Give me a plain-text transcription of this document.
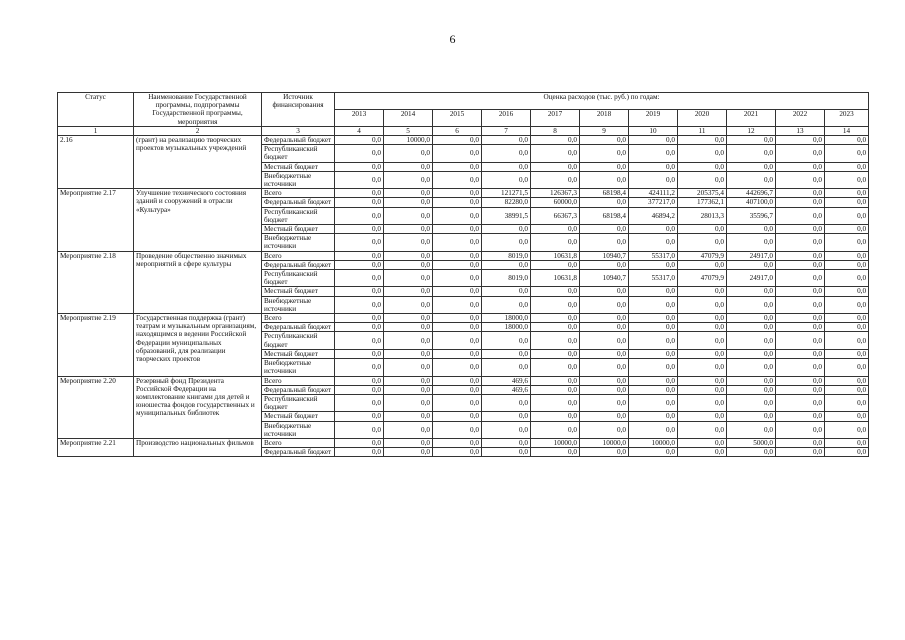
6
Статус	Наименование Государственной программы, подпрограммы Государственной программы, мероприятия	Источник финансирования	Оценка расходов (тыс. руб.) по годам:										
			2013	2014	2015	2016	2017	2018	2019	2020	2021	2022	2023
1	2	3	4	5	6	7	8	9	10	11	12	13	14
2.16	(грант) на реализацию творческих проектов музыкальных учреждений	Федеральный бюджет	0,0	10000,0	0,0	0,0	0,0	0,0	0,0	0,0	0,0	0,0	0,0
		Республиканский бюджет	0,0	0,0	0,0	0,0	0,0	0,0	0,0	0,0	0,0	0,0	0,0
		Местный бюджет	0,0	0,0	0,0	0,0	0,0	0,0	0,0	0,0	0,0	0,0	0,0
		Внебюджетные источники	0,0	0,0	0,0	0,0	0,0	0,0	0,0	0,0	0,0	0,0	0,0
Мероприятие 2.17	Улучшение технического состояния зданий и сооружений в отрасли «Культура»	Всего	0,0	0,0	0,0	121271,5	126367,3	68198,4	424111,2	205375,4	442696,7	0,0	0,0
		Федеральный бюджет	0,0	0,0	0,0	82280,0	60000,0	0,0	377217,0	177362,1	407100,0	0,0	0,0
		Республиканский бюджет	0,0	0,0	0,0	38991,5	66367,3	68198,4	46894,2	28013,3	35596,7	0,0	0,0
		Местный бюджет	0,0	0,0	0,0	0,0	0,0	0,0	0,0	0,0	0,0	0,0	0,0
		Внебюджетные источники	0,0	0,0	0,0	0,0	0,0	0,0	0,0	0,0	0,0	0,0	0,0
Мероприятие 2.18	Проведение общественно значимых мероприятий в сфере культуры	Всего	0,0	0,0	0,0	8019,0	10631,8	10940,7	55317,0	47079,9	24917,0	0,0	0,0
		Федеральный бюджет	0,0	0,0	0,0	0,0	0,0	0,0	0,0	0,0	0,0	0,0	0,0
		Республиканский бюджет	0,0	0,0	0,0	8019,0	10631,8	10940,7	55317,0	47079,9	24917,0	0,0	0,0
		Местный бюджет	0,0	0,0	0,0	0,0	0,0	0,0	0,0	0,0	0,0	0,0	0,0
		Внебюджетные источники	0,0	0,0	0,0	0,0	0,0	0,0	0,0	0,0	0,0	0,0	0,0
Мероприятие 2.19	Государственная поддержка (грант) театрам и музыкальным организациям, находящимся в ведении Российской Федерации муниципальных образований, для реализации творческих проектов	Всего	0,0	0,0	0,0	18000,0	0,0	0,0	0,0	0,0	0,0	0,0	0,0
		Федеральный бюджет	0,0	0,0	0,0	18000,0	0,0	0,0	0,0	0,0	0,0	0,0	0,0
		Республиканский бюджет	0,0	0,0	0,0	0,0	0,0	0,0	0,0	0,0	0,0	0,0	0,0
		Местный бюджет	0,0	0,0	0,0	0,0	0,0	0,0	0,0	0,0	0,0	0,0	0,0
		Внебюджетные источники	0,0	0,0	0,0	0,0	0,0	0,0	0,0	0,0	0,0	0,0	0,0
Мероприятие 2.20	Резервный фонд Президента Российской Федерации на комплектование книгами для детей и юношества фондов государственных и муниципальных библиотек	Всего	0,0	0,0	0,0	469,6	0,0	0,0	0,0	0,0	0,0	0,0	0,0
		Федеральный бюджет	0,0	0,0	0,0	469,6	0,0	0,0	0,0	0,0	0,0	0,0	0,0
		Республиканский бюджет	0,0	0,0	0,0	0,0	0,0	0,0	0,0	0,0	0,0	0,0	0,0
		Местный бюджет	0,0	0,0	0,0	0,0	0,0	0,0	0,0	0,0	0,0	0,0	0,0
		Внебюджетные источники	0,0	0,0	0,0	0,0	0,0	0,0	0,0	0,0	0,0	0,0	0,0
Мероприятие 2.21	Производство национальных фильмов	Всего	0,0	0,0	0,0	0,0	10000,0	10000,0	10000,0	0,0	5000,0	0,0	0,0
		Федеральный бюджет	0,0	0,0	0,0	0,0	0,0	0,0	0,0	0,0	0,0	0,0	0,0
